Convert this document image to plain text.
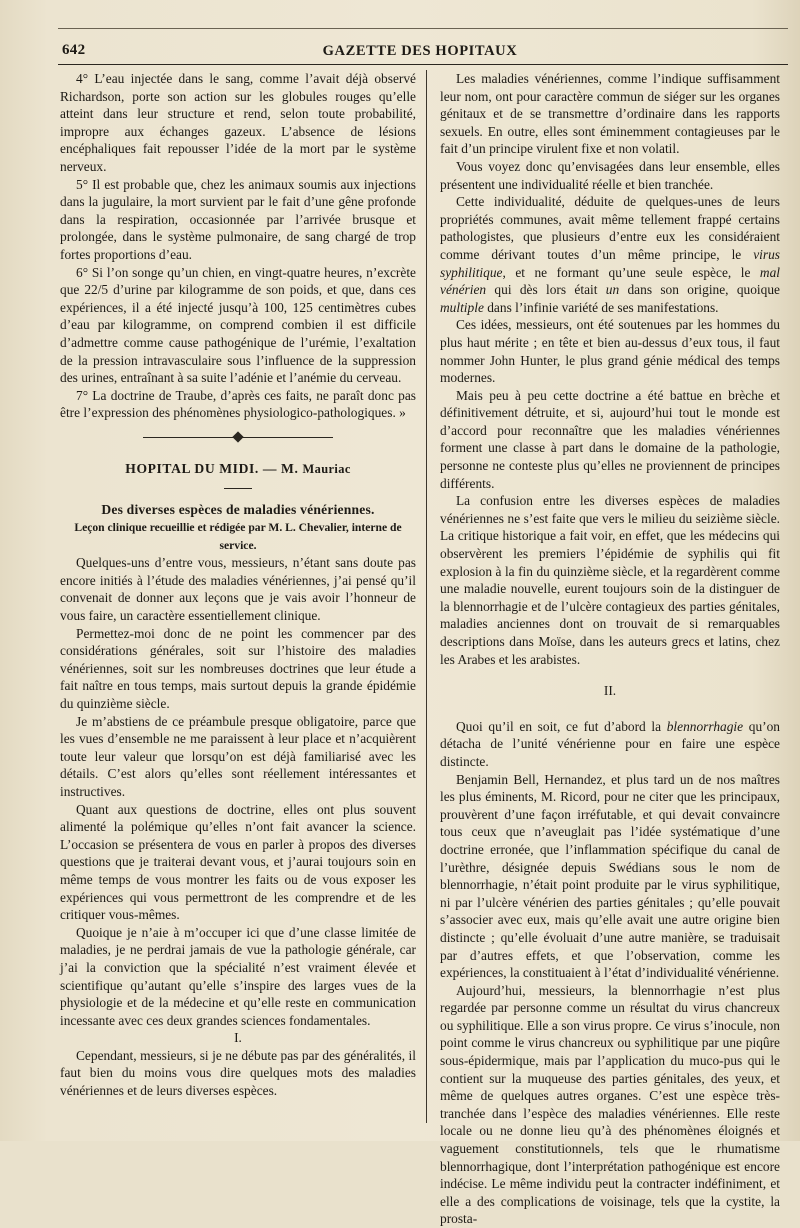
642	GAZETTE DES HOPITAUX

4° L’eau injectée dans le sang, comme l’avait déjà observé Richardson, porte son action sur les globules rouges qu’elle atteint dans leur structure et rend, selon toute probabilité, impropre aux échanges gazeux. L’absence de lésions encéphaliques fait repousser l’idée de la mort par le système nerveux.

5° Il est probable que, chez les animaux soumis aux injections dans la jugulaire, la mort survient par le fait d’une gêne profonde dans la respiration, occasionnée par l’arrivée brusque et prolongée, dans le système pulmonaire, de sang chargé de trop fortes proportions d’eau.

6° Si l’on songe qu’un chien, en vingt-quatre heures, n’excrète que 22/5 d’urine par kilogramme de son poids, et que, dans ces expériences, il a été injecté jusqu’à 100, 125 centimètres cubes d’eau par kilogramme, on comprend combien il est difficile d’admettre comme cause pathogénique de l’urémie, l’exaltation de la pression intravasculaire sous l’influence de la suppression des urines, entraînant à sa suite l’adénie et l’anémie du cerveau.

7° La doctrine de Traube, d’après ces faits, ne paraît donc pas être l’expression des phénomènes physiologico-pathologiques. »

HOPITAL DU MIDI. — M. Mauriac

Des diverses espèces de maladies vénériennes.

Leçon clinique recueillie et rédigée par M. L. Chevalier, interne de service.

Quelques-uns d’entre vous, messieurs, n’étant sans doute pas encore initiés à l’étude des maladies vénériennes, j’ai pensé qu’il convenait de donner aux leçons que je vais avoir l’honneur de vous faire, un caractère essentiellement clinique.

Permettez-moi donc de ne point les commencer par des considérations générales, soit sur l’histoire des maladies vénériennes, soit sur les nombreuses doctrines que leur étude a fait naître en tous temps, mais surtout depuis la grande épidémie du quinzième siècle.

Je m’abstiens de ce préambule presque obligatoire, parce que les vues d’ensemble ne me paraissent à leur place et n’acquièrent toute leur valeur que lorsqu’on est déjà familiarisé avec les détails. C’est alors qu’elles sont réellement intéressantes et instructives.

Quant aux questions de doctrine, elles ont plus souvent alimenté la polémique qu’elles n’ont fait avancer la science. L’occasion se présentera de vous en parler à propos des diverses questions que je traiterai devant vous, et j’aurai toujours soin en même temps de vous montrer les faits ou de vous exposer les expériences qui vous permettront de les comprendre et de les critiquer vous-mêmes.

Quoique je n’aie à m’occuper ici que d’une classe limitée de maladies, je ne perdrai jamais de vue la pathologie générale, car j’ai la conviction que la spécialité n’est vraiment élevée et scientifique qu’autant qu’elle s’inspire des larges vues de la physiologie et de la médecine et qu’elle reste en communication incessante avec ces deux grandes sciences fondamentales.

I.

Cependant, messieurs, si je ne débute pas par des généralités, il faut bien du moins vous dire quelques mots des maladies vénériennes et de leurs diverses espèces.

Les maladies vénériennes, comme l’indique suffisamment leur nom, ont pour caractère commun de siéger sur les organes génitaux et de se transmettre d’ordinaire dans les rapports sexuels. En outre, elles sont éminemment contagieuses par le fait d’un principe virulent fixe et non volatil.

Vous voyez donc qu’envisagées dans leur ensemble, elles présentent une individualité réelle et bien tranchée.

Cette individualité, déduite de quelques-unes de leurs propriétés communes, avait même tellement frappé certains pathologistes, que plusieurs d’entre eux les considéraient comme dérivant toutes d’un même principe, le virus syphilitique, et ne formant qu’une seule espèce, le mal vénérien qui dès lors était un dans son origine, quoique multiple dans l’infinie variété de ses manifestations.

Ces idées, messieurs, ont été soutenues par les hommes du plus haut mérite ; en tête et bien au-dessus d’eux tous, il faut nommer John Hunter, le plus grand génie médical des temps modernes.

Mais peu à peu cette doctrine a été battue en brèche et définitivement détruite, et si, aujourd’hui tout le monde est d’accord pour reconnaître que les maladies vénériennes forment une classe à part dans le domaine de la pathologie, personne ne conteste plus qu’elles ne proviennent de principes différents.

La confusion entre les diverses espèces de maladies vénériennes ne s’est faite que vers le milieu du seizième siècle. La critique historique a fait voir, en effet, que les médecins qui observèrent les premiers l’épidémie de syphilis qui fit explosion à la fin du quinzième siècle, et la regardèrent comme une maladie nouvelle, eurent toujours soin de la distinguer de la blennorrhagie et de l’ulcère contagieux des parties génitales, maladies anciennes dont on trouvait de si remarquables descriptions dans Moïse, dans les auteurs grecs et latins, chez les Arabes et les arabistes.

II.

Quoi qu’il en soit, ce fut d’abord la blennorrhagie qu’on détacha de l’unité vénérienne pour en faire une espèce distincte.

Benjamin Bell, Hernandez, et plus tard un de nos maîtres les plus éminents, M. Ricord, pour ne citer que les principaux, prouvèrent d’une façon irréfutable, et qui devait convaincre tous ceux que n’aveuglait pas l’idée systématique d’une doctrine erronée, que l’inflammation spécifique du canal de l’urèthre, désignée depuis Swédians sous le nom de blennorrhagie, n’était point produite par le virus syphilitique, ni par l’ulcère vénérien des parties génitales ; qu’elle pouvait s’associer avec eux, mais qu’elle avait une autre origine bien distincte ; qu’elle évoluait d’une autre manière, se traduisait par d’autres effets, et que l’observation, comme les expériences, la constituaient à l’état d’individualité vénérienne.

Aujourd’hui, messieurs, la blennorrhagie n’est plus regardée par personne comme un résultat du virus chancreux ou syphilitique. Elle a son virus propre. Ce virus s’inocule, non point comme le virus chancreux ou syphilitique par une piqûre sous-épidermique, mais par l’application du muco-pus qui le contient sur la muqueuse des parties génitales, des yeux, et même de quelques autres organes. C’est une espèce très-tranchée dans l’espèce des maladies vénériennes. Elle reste locale ou ne donne lieu qu’à des phénomènes éloignés et vaguement constitutionnels, tels que le rhumatisme blennorrhagique, dont l’interprétation pathogénique est encore indécise. Le même individu peut la contracter indéfiniment, et elle a des complications de voisinage, tels que la cystite, la prosta-
